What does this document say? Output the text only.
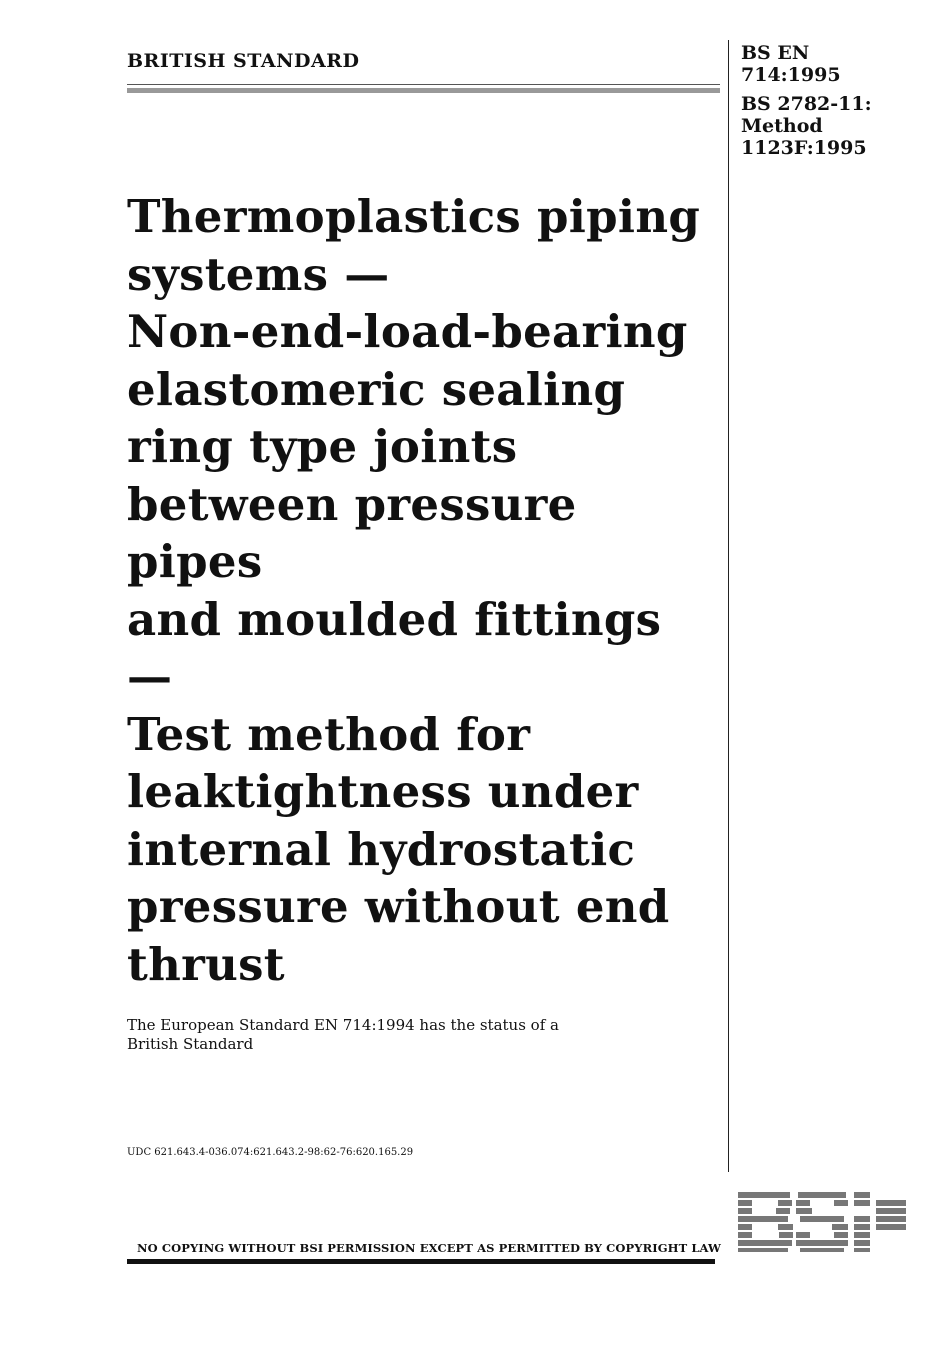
BRITISH STANDARD	BS EN
714:1995
BS 2782-11:
Method
1123F:1995
Thermoplastics piping
systems —
Non-end-load-bearing
elastomeric sealing
ring type joints
between pressure pipes
and moulded fittings —
Test method for
leaktightness under
internal hydrostatic
pressure without end
thrust
The European Standard EN 714:1994 has the status of a
British Standard
UDC 621.643.4-036.074:621.643.2-98:62-76:620.165.29
NO COPYING WITHOUT BSI PERMISSION EXCEPT AS PERMITTED BY COPYRIGHT LAW
